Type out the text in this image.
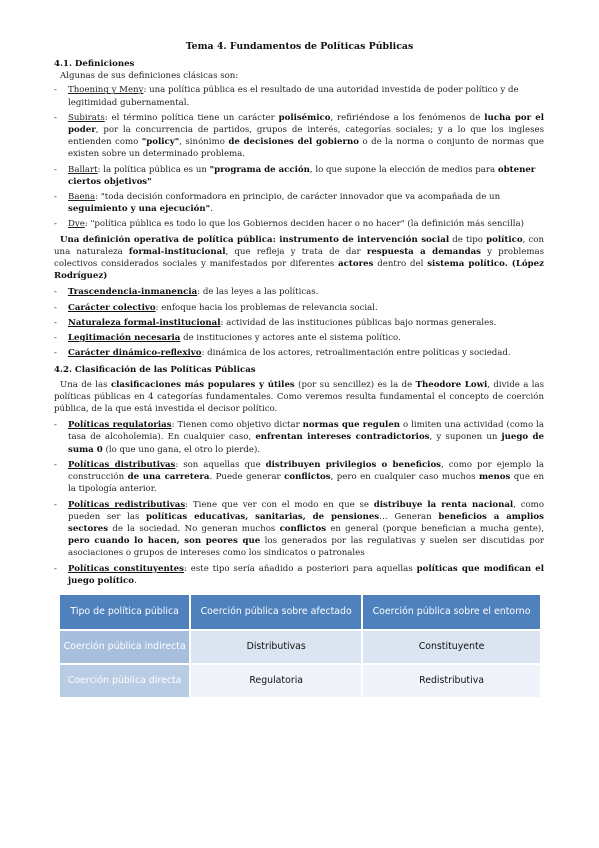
Tema 4. Fundamentos de Políticas Públicas

4.1. Definiciones

Algunas de sus definiciones clásicas son:

-	Thoening y Meny: una política pública es el resultado de una autoridad investida de poder político y de legitimidad gubernamental.
-	Subirats: el término política tiene un carácter polisémico, refiriéndose a los fenómenos de lucha por el poder, por la concurrencia de partidos, grupos de interés, categorías sociales; y a lo que los ingleses entienden como "policy", sinónimo de decisiones del gobierno o de la norma o conjunto de normas que existen sobre un determinado problema.
-	Ballart: la política pública es un "programa de acción, lo que supone la elección de medios para obtener ciertos objetivos"
-	Baena: "toda decisión conformadora en principio, de carácter innovador que va acompañada de un seguimiento y una ejecución".
-	Dye: "política pública es todo lo que los Gobiernos deciden hacer o no hacer" (la definición más sencilla)

Una definición operativa de política pública: instrumento de intervención social de tipo político, con una naturaleza formal-institucional, que refleja y trata de dar respuesta a demandas y problemas colectivos considerados sociales y manifestados por diferentes actores dentro del sistema político. (López Rodríguez)

-	Trascendencia-inmanencia: de las leyes a las políticas.
-	Carácter colectivo: enfoque hacia los problemas de relevancia social.
-	Naturaleza formal-institucional: actividad de las instituciones públicas bajo normas generales.
-	Legitimación necesaria de instituciones y actores ante el sistema político.
-	Carácter dinámico-reflexivo: dinámica de los actores, retroalimentación entre políticas y sociedad.

4.2. Clasificación de las Políticas Públicas

Una de las clasificaciones más populares y útiles (por su sencillez) es la de Theodore Lowi, divide a las políticas públicas en 4 categorías fundamentales. Como veremos resulta fundamental el concepto de coerción pública, de la que está investida el decisor político.

-	Políticas regulatorias: Tienen como objetivo dictar normas que regulen o limiten una actividad (como la tasa de alcoholemia). En cualquier caso, enfrentan intereses contradictorios, y suponen un juego de suma 0 (lo que uno gana, el otro lo pierde).
-	Políticas distributivas: son aquellas que distribuyen privilegios o beneficios, como por ejemplo la construcción de una carretera. Puede generar conflictos, pero en cualquier caso muchos menos que en la tipología anterior.
-	Políticas redistributivas: Tiene que ver con el modo en que se distribuye la renta nacional, como pueden ser las políticas educativas, sanitarias, de pensiones… Generan beneficios a amplios sectores de la sociedad. No generan muchos conflictos en general (porque benefician a mucha gente), pero cuando lo hacen, son peores que los generados por las regulativas y suelen ser discutidas por asociaciones o grupos de intereses como los sindicatos o patronales
-	Políticas constituyentes: este tipo sería añadido a posteriori para aquellas políticas que modifican el juego político.
Tipo de política pública	Coerción pública sobre afectado	Coerción pública sobre el entorno

Coerción pública indirecta	Distributivas	Constituyente

Coerción pública directa	Regulatoria	Redistributiva
